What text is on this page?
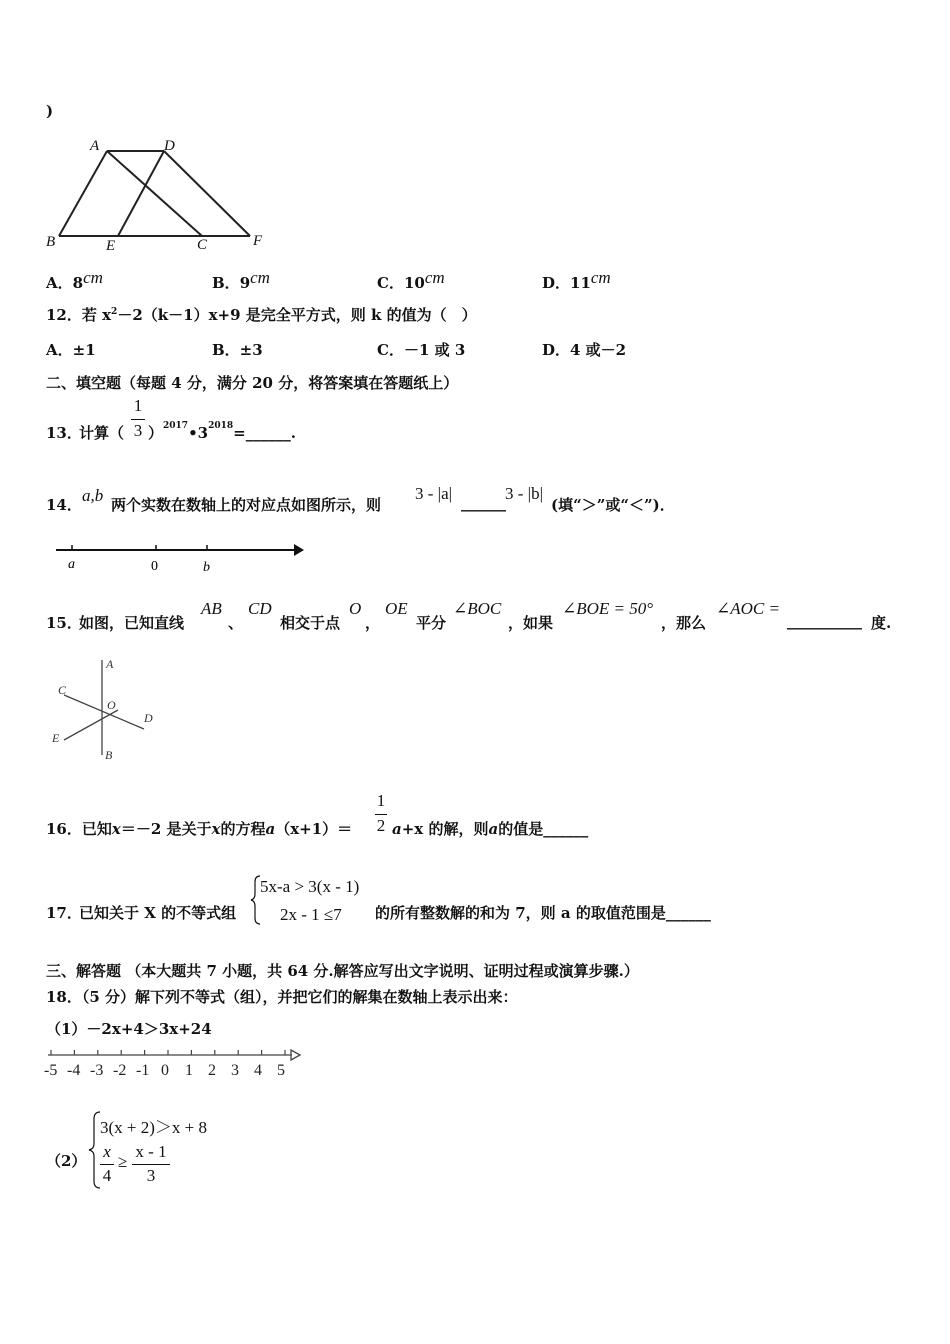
)
A	D
B	E	C	F
A．8cm	B．9cm	C．10cm	D．11cm
12．若 $x^2-2(k-1)x+9$ 是完全平方式，则 k 的值为（　）
A．±1	B．±3	C．－1 或 3	D．4 或－2
二、填空题（每题 4 分，满分 20 分，将答案填在答题纸上）
13．
计算（
1
3 ）$^{2017}•3^{2018}=\_\_\_\_\_\_$.
14． a,b 两个实数在数轴上的对应点如图所示，则
3 - |a| ______ 3 - |b|
(填“＞”或“＜”)．
a	0	b
15．
如图，已知直线
AB
、
CD
相交于点
O
，
OE
平分
∠BOC
，如果
∠BOE = 50°
，那么
∠AOC =
__________ 度.
A
C
O
D
E
B
16．已知x＝－2 是关于x的方程a（x+1）＝
1
2 a+x 的解，则a的值是______
17．
已知关于 X 的不等式组
5x-a > 3(x - 1)
2x - 1 ≤7 的所有整数解的和为 7，则 a 的取值范围是______
三、解答题 （本大题共 7 小题，共 64 分.解答应写出文字说明、证明过程或演算步骤.）
18．（5 分）解下列不等式（组），并把它们的解集在数轴上表示出来：
（1）－2x+4＞3x+24
-5 -4 -3 -2 -1 0 1 2 3 4 5
（2）
3(x + 2)＞x + 8
x
4
≥
x - 1
3
